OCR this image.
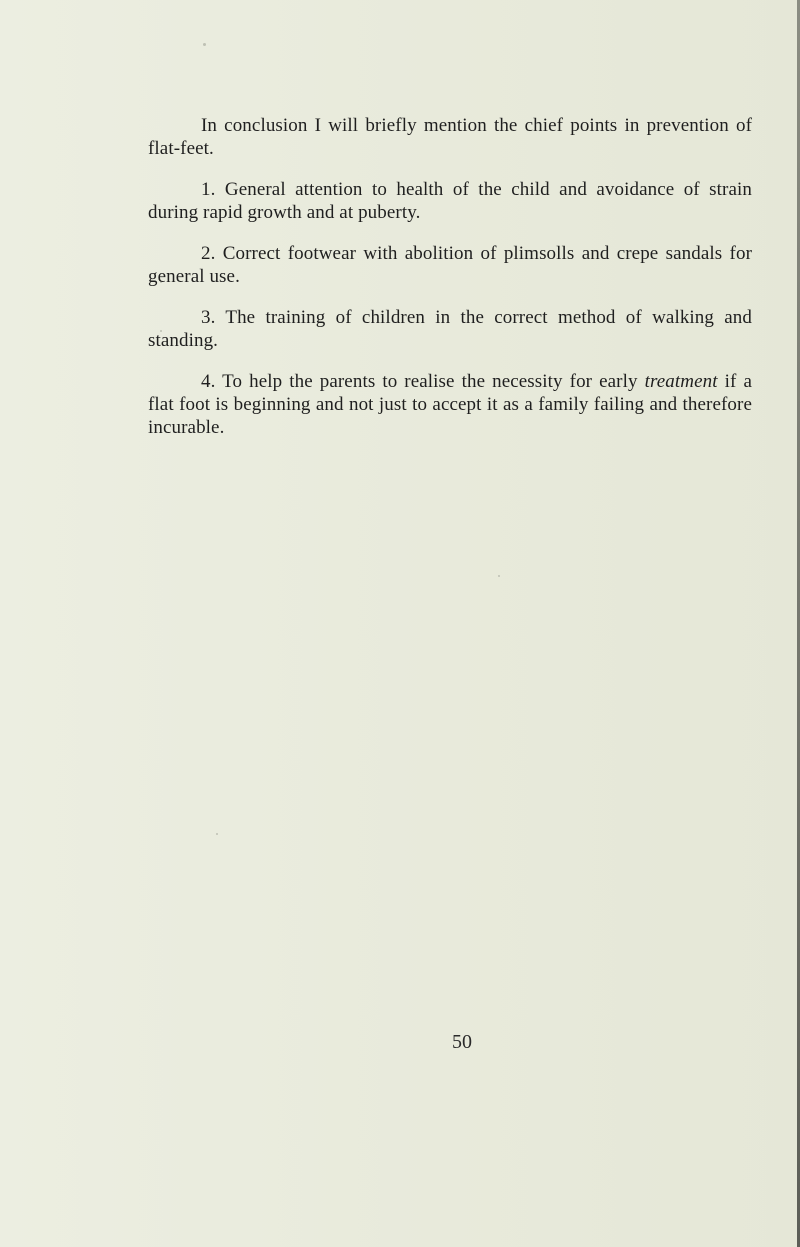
In conclusion I will briefly mention the chief points in prevention of flat-feet.

1. General attention to health of the child and avoidance of strain during rapid growth and at puberty.

2. Correct footwear with abolition of plimsolls and crepe sandals for general use.

3. The training of children in the correct method of walking and standing.

4. To help the parents to realise the necessity for early treatment if a flat foot is beginning and not just to accept it as a family failing and therefore incurable.

50
